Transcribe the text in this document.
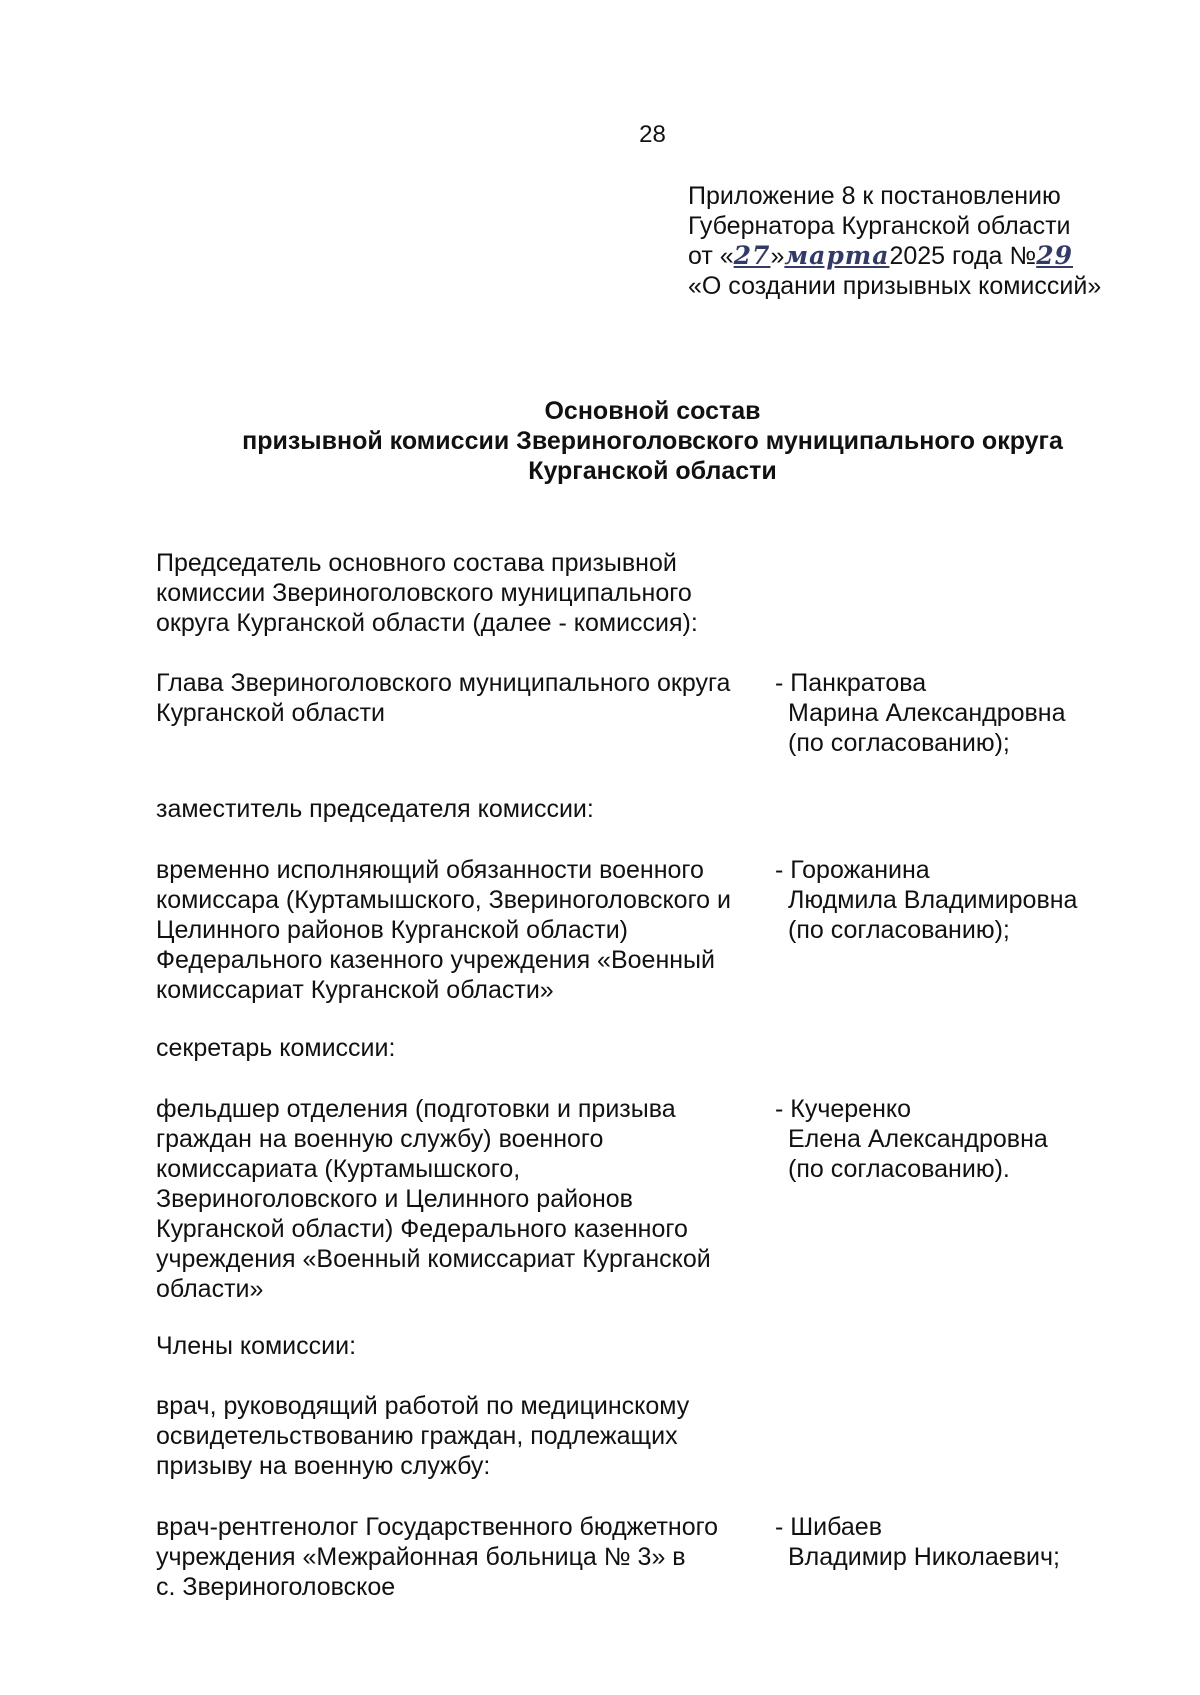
28
Приложение 8 к постановлению
Губернатора Курганской области
от «27»марта2025 года №29
«О создании призывных комиссий»
Основной состав
призывной комиссии Звериноголовского муниципального округа
Курганской области
Председатель основного состава призывной
комиссии Звериноголовского муниципального
округа Курганской области (далее - комиссия):
Глава Звериноголовского муниципального округа
Курганской области
- Панкратова
Марина Александровна
(по согласованию);
заместитель председателя комиссии:
временно исполняющий обязанности военного
комиссара (Куртамышского, Звериноголовского и
Целинного районов Курганской области)
Федерального казенного учреждения «Военный
комиссариат Курганской области»
- Горожанина
Людмила Владимировна
(по согласованию);
секретарь комиссии:
фельдшер отделения (подготовки и призыва
граждан на военную службу) военного
комиссариата (Куртамышского,
Звериноголовского и Целинного районов
Курганской области) Федерального казенного
учреждения «Военный комиссариат Курганской
области»
- Кучеренко
Елена Александровна
(по согласованию).
Члены комиссии:
врач, руководящий работой по медицинскому
освидетельствованию граждан, подлежащих
призыву на военную службу:
врач-рентгенолог Государственного бюджетного
учреждения «Межрайонная больница № 3» в
с. Звериноголовское
- Шибаев
Владимир Николаевич;
